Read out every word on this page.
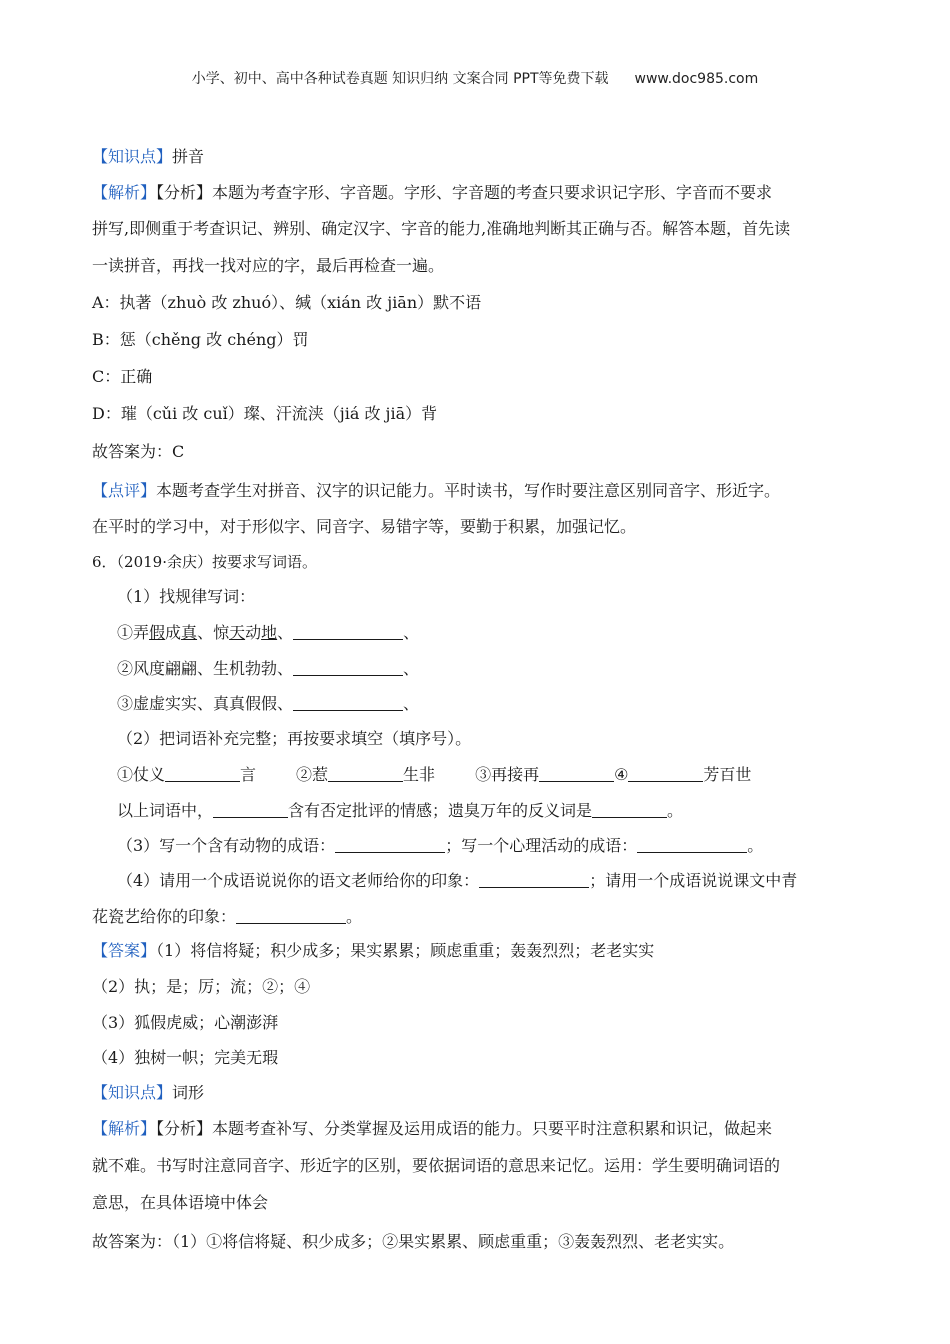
小学、初中、高中各种试卷真题 知识归纳 文案合同 PPT等免费下载 www.doc985.com
【知识点】拼音
【解析】【分析】本题为考查字形、字音题。字形、字音题的考查只要求识记字形、字音而不要求
拼写,即侧重于考查识记、辨别、确定汉字、字音的能力,准确地判断其正确与否。解答本题，首先读
一读拼音，再找一找对应的字，最后再检查一遍。
A：执著（zhuò 改 zhuó）、缄（xián 改 jiān）默不语
B：惩（chěng 改 chéng）罚
C：正确
D：璀（cǔi 改 cuǐ）璨、汗流浃（jiá 改 jiā）背
故答案为：C
【点评】本题考查学生对拼音、汉字的识记能力。平时读书，写作时要注意区别同音字、形近字。
在平时的学习中，对于形似字、同音字、易错字等，要勤于积累，加强记忆。
6．（2019·余庆）按要求写词语。
（1）找规律写词：
①弄假成真、惊天动地、	、
②风度翩翩、生机勃勃、	、
③虚虚实实、真真假假、	、
（2）把词语补充完整；再按要求填空（填序号）。
①仗义	言	②惹	生非	③再接再	④	芳百世
以上词语中，	含有否定批评的情感；遗臭万年的反义词是	。
（3）写一个含有动物的成语：	；写一个心理活动的成语：	。
（4）请用一个成语说说你的语文老师给你的印象：	；请用一个成语说说课文中青
花瓷艺给你的印象：	。
【答案】（1）将信将疑；积少成多；果实累累；顾虑重重；轰轰烈烈；老老实实
（2）执；是；厉；流；②；④
（3）狐假虎威；心潮澎湃
（4）独树一帜；完美无瑕
【知识点】词形
【解析】【分析】本题考查补写、分类掌握及运用成语的能力。只要平时注意积累和识记，做起来
就不难。书写时注意同音字、形近字的区别，要依据词语的意思来记忆。运用：学生要明确词语的
意思，在具体语境中体会
故答案为：（1）①将信将疑、积少成多；②果实累累、顾虑重重；③轰轰烈烈、老老实实。
